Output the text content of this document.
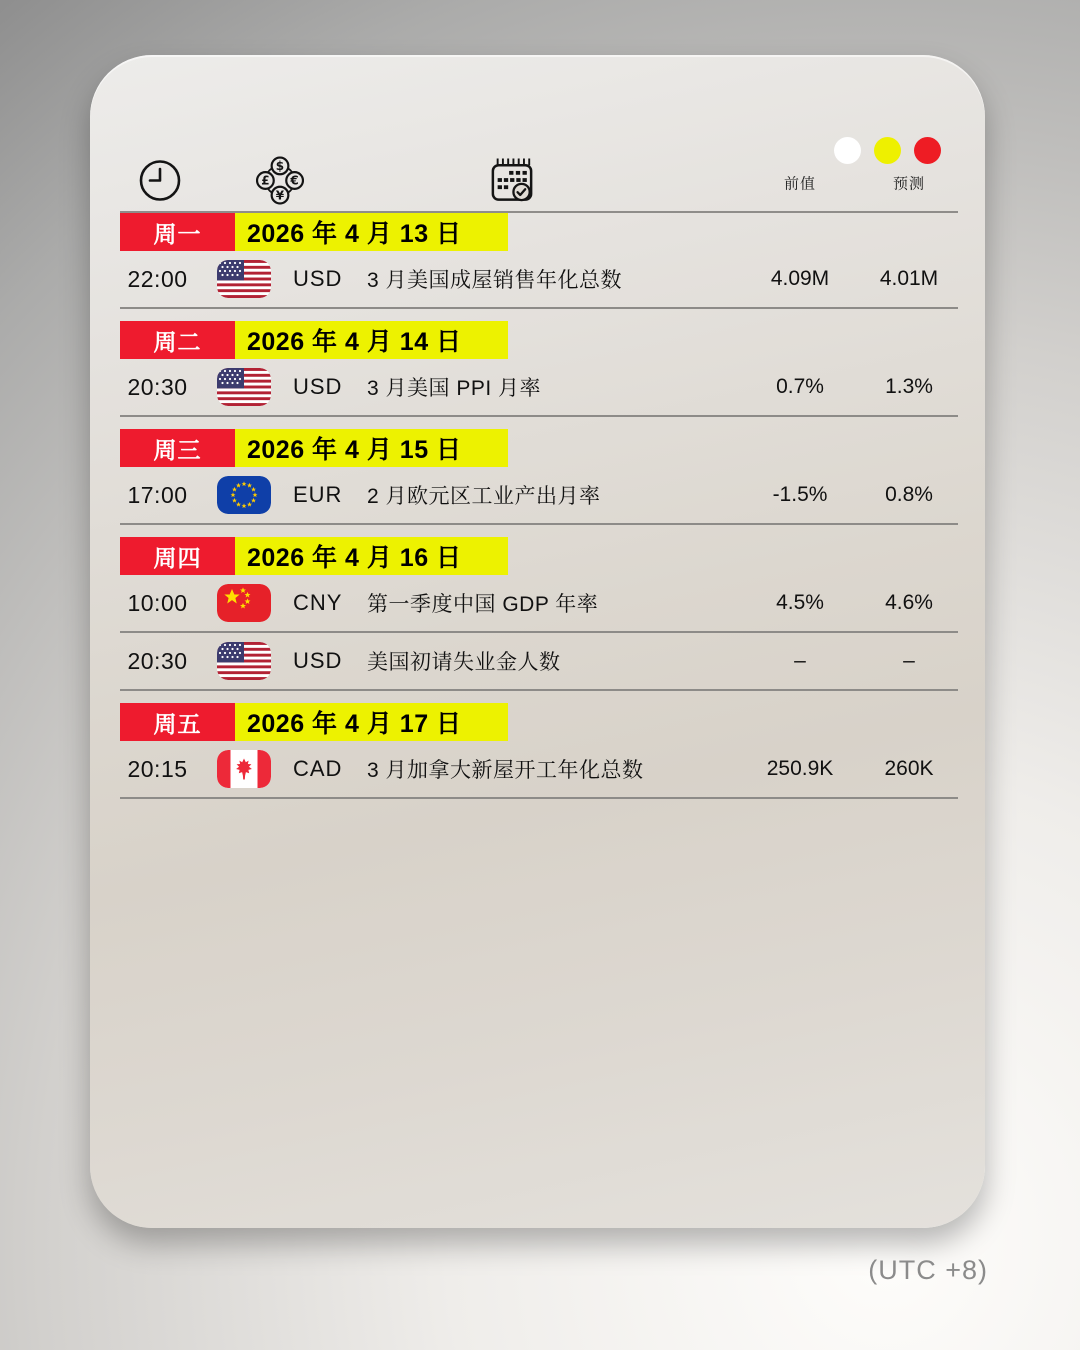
$
£ €
¥
前值	预测
周一	2026 年 4 月 13 日
22:00	USD	3 月美国成屋销售年化总数	4.09M	4.01M
周二	2026 年 4 月 14 日
20:30	USD	3 月美国 PPI 月率	0.7%	1.3%
周三	2026 年 4 月 15 日
17:00	EUR	2 月欧元区工业产出月率	-1.5%	0.8%
周四	2026 年 4 月 16 日
10:00	CNY	第一季度中国 GDP 年率	4.5%	4.6%
20:30	USD	美国初请失业金人数	–	–
周五	2026 年 4 月 17 日
20:15	CAD	3 月加拿大新屋开工年化总数	250.9K	260K
(UTC +8)
